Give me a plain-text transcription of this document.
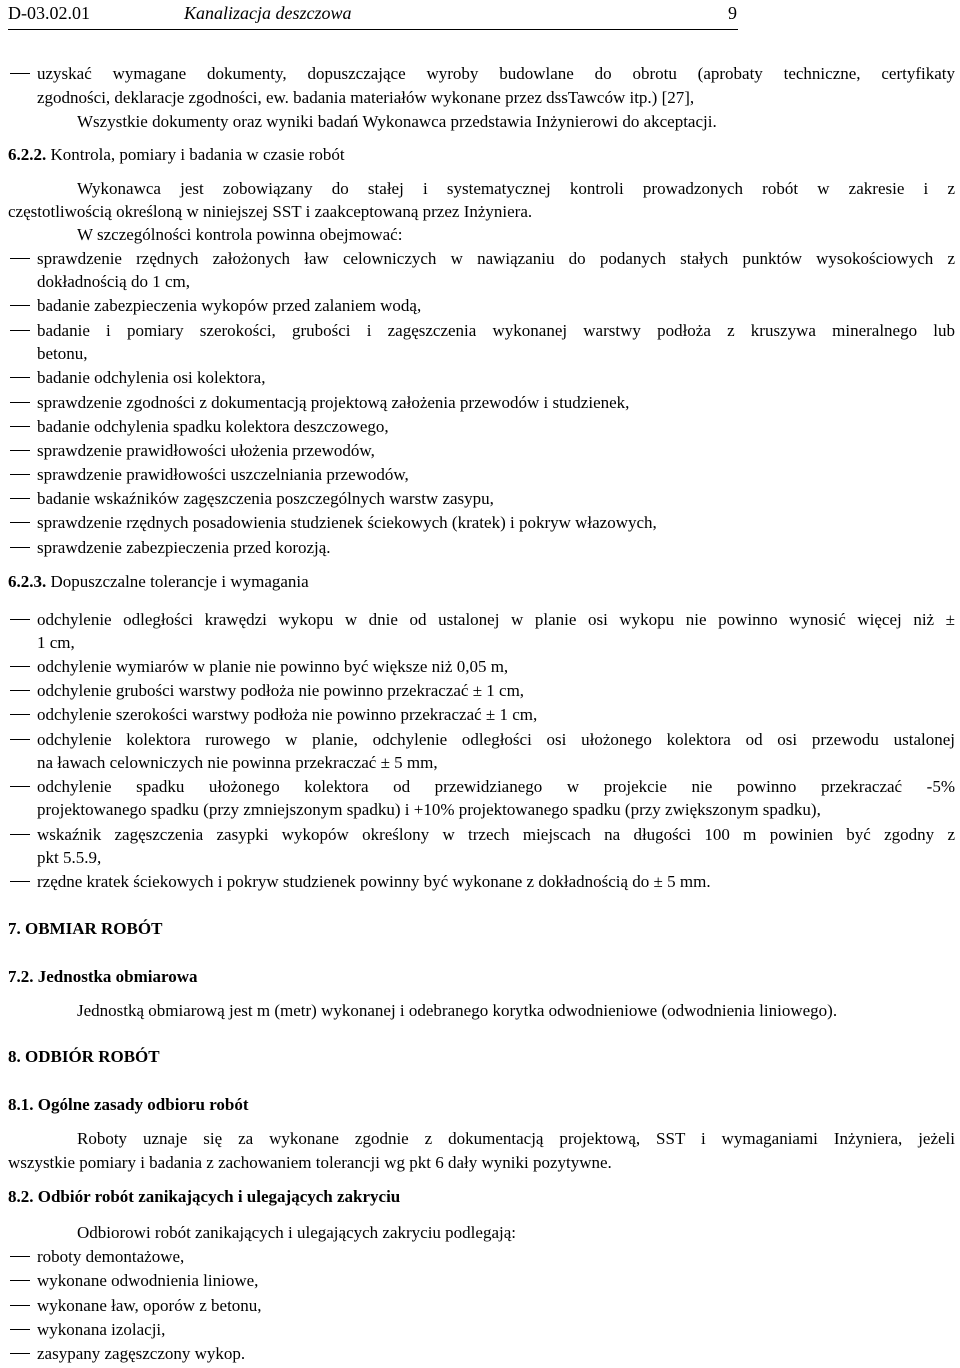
D-03.02.01	Kanalizacja deszczowa	9
uzyskać wymagane dokumenty, dopuszczające wyroby budowlane do obrotu (aprobaty techniczne, certyfikaty
zgodności, deklaracje zgodności, ew. badania materiałów wykonane przez dssTawców itp.) [27],
Wszystkie dokumenty oraz wyniki badań Wykonawca przedstawia Inżynierowi do akceptacji.
6.2.2. Kontrola, pomiary i badania w czasie robót
Wykonawca jest zobowiązany do stałej i systematycznej kontroli prowadzonych robót w zakresie i z
częstotliwością określoną w niniejszej SST i zaakceptowaną przez Inżyniera.
W szczególności kontrola powinna obejmować:
sprawdzenie rzędnych założonych ław celowniczych w nawiązaniu do podanych stałych punktów wysokościowych z
dokładnością do 1 cm,
badanie zabezpieczenia wykopów przed zalaniem wodą,
badanie i pomiary szerokości, grubości i zagęszczenia wykonanej warstwy podłoża z kruszywa mineralnego lub
betonu,
badanie odchylenia osi kolektora,
sprawdzenie zgodności z dokumentacją projektową założenia przewodów i studzienek,
badanie odchylenia spadku kolektora deszczowego,
sprawdzenie prawidłowości ułożenia przewodów,
sprawdzenie prawidłowości uszczelniania przewodów,
badanie wskaźników zagęszczenia poszczególnych warstw zasypu,
sprawdzenie rzędnych posadowienia studzienek ściekowych (kratek) i pokryw włazowych,
sprawdzenie zabezpieczenia przed korozją.
6.2.3. Dopuszczalne tolerancje i wymagania
odchylenie odległości krawędzi wykopu w dnie od ustalonej w planie osi wykopu nie powinno wynosić więcej niż ±
1 cm,
odchylenie wymiarów w planie nie powinno być większe niż 0,05 m,
odchylenie grubości warstwy podłoża nie powinno przekraczać ± 1 cm,
odchylenie szerokości warstwy podłoża nie powinno przekraczać ± 1 cm,
odchylenie kolektora rurowego w planie, odchylenie odległości osi ułożonego kolektora od osi przewodu ustalonej
na ławach celowniczych nie powinna przekraczać ± 5 mm,
odchylenie spadku ułożonego kolektora od przewidzianego w projekcie nie powinno przekraczać -5%
projektowanego spadku (przy zmniejszonym spadku) i +10% projektowanego spadku (przy zwiększonym spadku),
wskaźnik zagęszczenia zasypki wykopów określony w trzech miejscach na długości 100 m powinien być zgodny z
pkt 5.5.9,
rzędne kratek ściekowych i pokryw studzienek powinny być wykonane z dokładnością do ± 5 mm.
7. OBMIAR ROBÓT
7.2. Jednostka obmiarowa
Jednostką obmiarową jest m (metr) wykonanej i odebranego korytka odwodnieniowe (odwodnienia liniowego).
8. ODBIÓR ROBÓT
8.1. Ogólne zasady odbioru robót
Roboty uznaje się za wykonane zgodnie z dokumentacją projektową, SST i wymaganiami Inżyniera, jeżeli
wszystkie pomiary i badania z zachowaniem tolerancji wg pkt 6 dały wyniki pozytywne.
8.2. Odbiór robót zanikających i ulegających zakryciu
Odbiorowi robót zanikających i ulegających zakryciu podlegają:
roboty demontażowe,
wykonane odwodnienia liniowe,
wykonane ław, oporów z betonu,
wykonana izolacji,
zasypany zagęszczony wykop.
